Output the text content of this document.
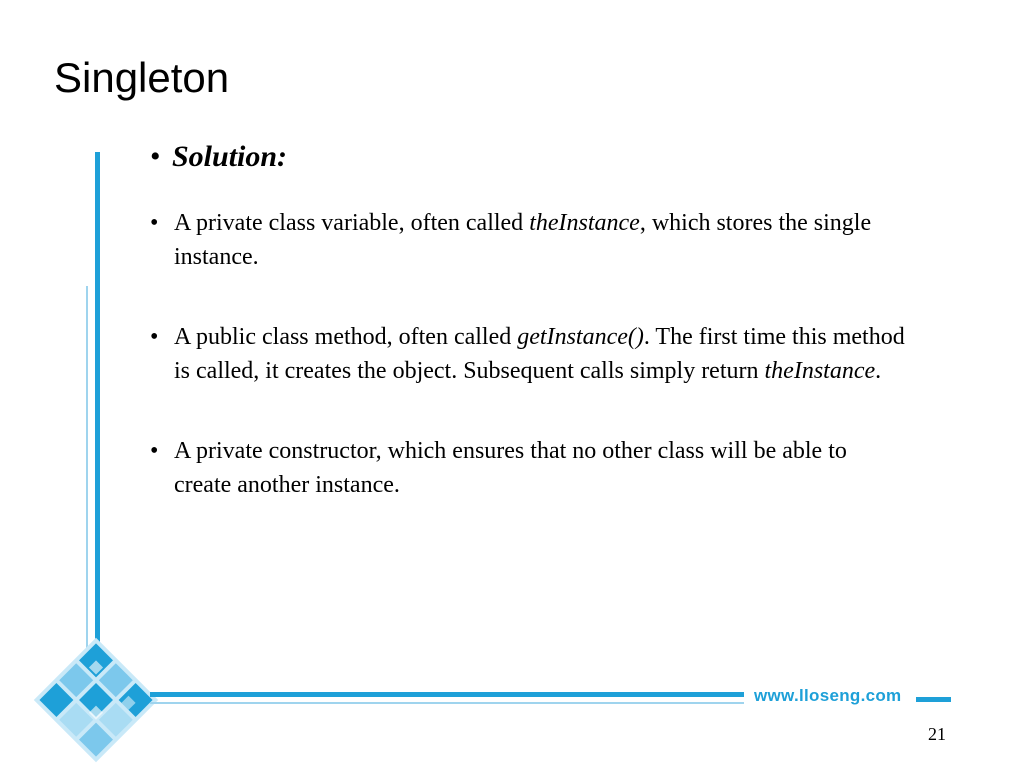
Singleton
• Solution:
• A private class variable, often called theInstance, which stores the single instance.
• A public class method, often called getInstance(). The first time this method is called, it creates the object. Subsequent calls simply return theInstance.
• A private constructor, which ensures that no other class will be able to create another instance.
www.lloseng.com
21
